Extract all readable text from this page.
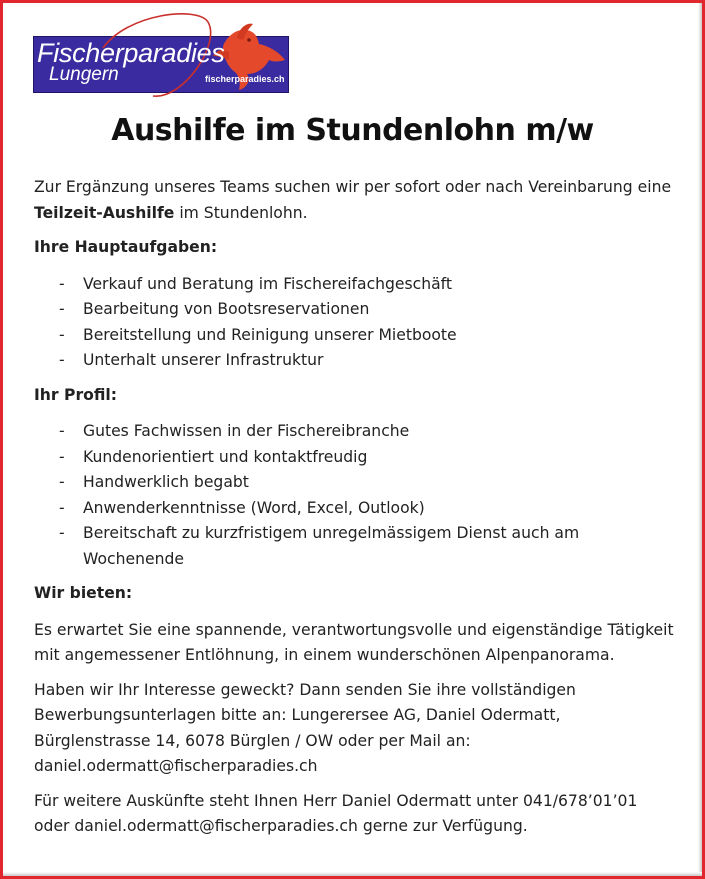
Fischerparadies
Lungern	fischerparadies.ch
Aushilfe im Stundenlohn m/w

Zur Ergänzung unseres Teams suchen wir per sofort oder nach Vereinbarung eine Teilzeit-Aushilfe im Stundenlohn.

Ihre Hauptaufgaben:

- Verkauf und Beratung im Fischereifachgeschäft
- Bearbeitung von Bootsreservationen
- Bereitstellung und Reinigung unserer Mietboote
- Unterhalt unserer Infrastruktur

Ihr Profil:

- Gutes Fachwissen in der Fischereibranche
- Kundenorientiert und kontaktfreudig
- Handwerklich begabt
- Anwenderkenntnisse (Word, Excel, Outlook)
- Bereitschaft zu kurzfristigem unregelmässigem Dienst auch am Wochenende

Wir bieten:

Es erwartet Sie eine spannende, verantwortungsvolle und eigenständige Tätigkeit mit angemessener Entlöhnung, in einem wunderschönen Alpenpanorama.

Haben wir Ihr Interesse geweckt? Dann senden Sie ihre vollständigen Bewerbungsunterlagen bitte an: Lungerersee AG, Daniel Odermatt, Bürglenstrasse 14, 6078 Bürglen / OW oder per Mail an: daniel.odermatt@fischerparadies.ch

Für weitere Auskünfte steht Ihnen Herr Daniel Odermatt unter 041/678’01’01 oder daniel.odermatt@fischerparadies.ch gerne zur Verfügung.
